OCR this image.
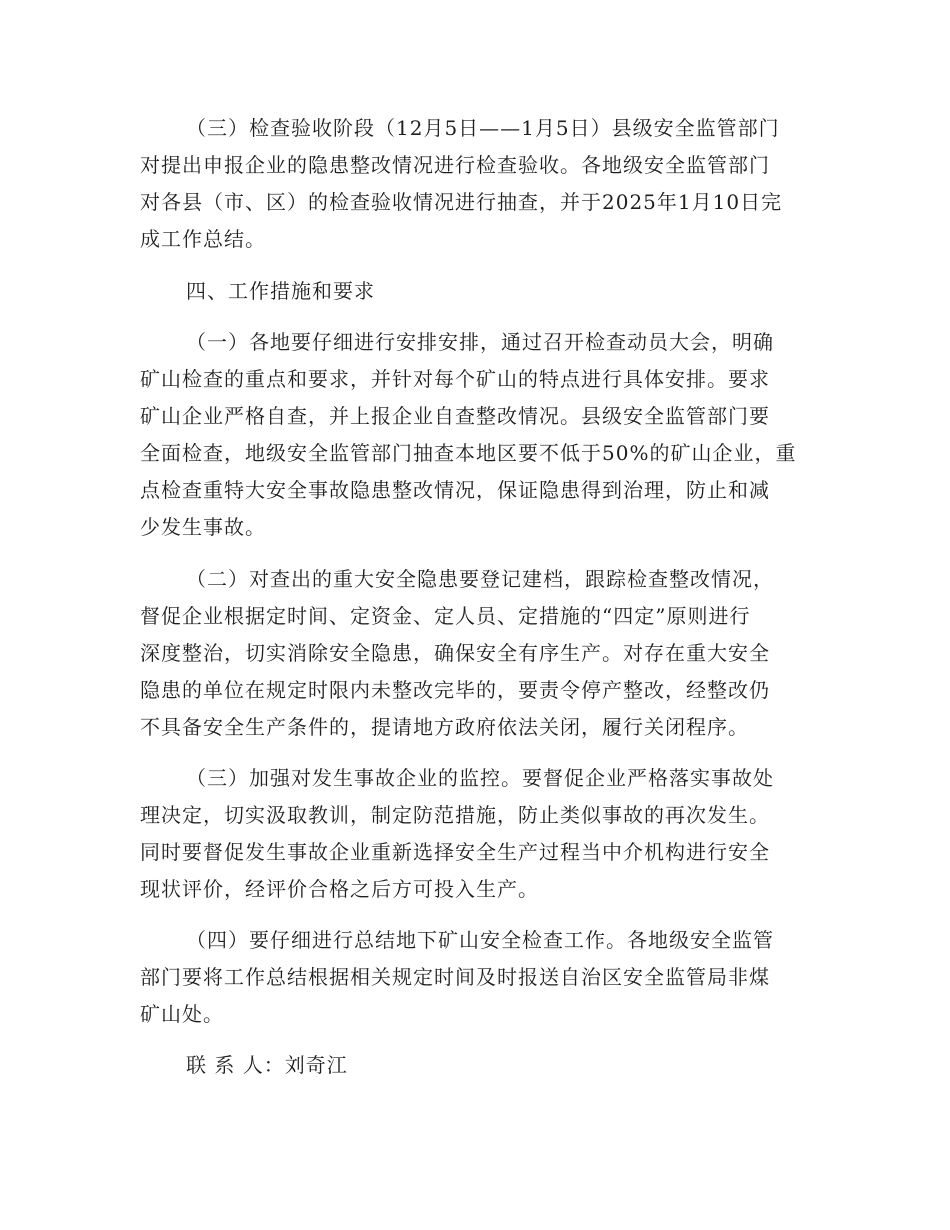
（三）检查验收阶段（12月5日——1月5日）县级安全监管部门
对提出申报企业的隐患整改情况进行检查验收。各地级安全监管部门
对各县（市、区）的检查验收情况进行抽查，并于2025年1月10日完
成工作总结。
四、工作措施和要求
（一）各地要仔细进行安排安排，通过召开检查动员大会，明确
矿山检查的重点和要求，并针对每个矿山的特点进行具体安排。要求
矿山企业严格自查，并上报企业自查整改情况。县级安全监管部门要
全面检查，地级安全监管部门抽查本地区要不低于50%的矿山企业，重
点检查重特大安全事故隐患整改情况，保证隐患得到治理，防止和减
少发生事故。
（二）对查出的重大安全隐患要登记建档，跟踪检查整改情况，
督促企业根据定时间、定资金、定人员、定措施的“四定”原则进行
深度整治，切实消除安全隐患，确保安全有序生产。对存在重大安全
隐患的单位在规定时限内未整改完毕的，要责令停产整改，经整改仍
不具备安全生产条件的，提请地方政府依法关闭，履行关闭程序。
（三）加强对发生事故企业的监控。要督促企业严格落实事故处
理决定，切实汲取教训，制定防范措施，防止类似事故的再次发生。
同时要督促发生事故企业重新选择安全生产过程当中介机构进行安全
现状评价，经评价合格之后方可投入生产。
（四）要仔细进行总结地下矿山安全检查工作。各地级安全监管
部门要将工作总结根据相关规定时间及时报送自治区安全监管局非煤
矿山处。
联 系 人：刘奇江
